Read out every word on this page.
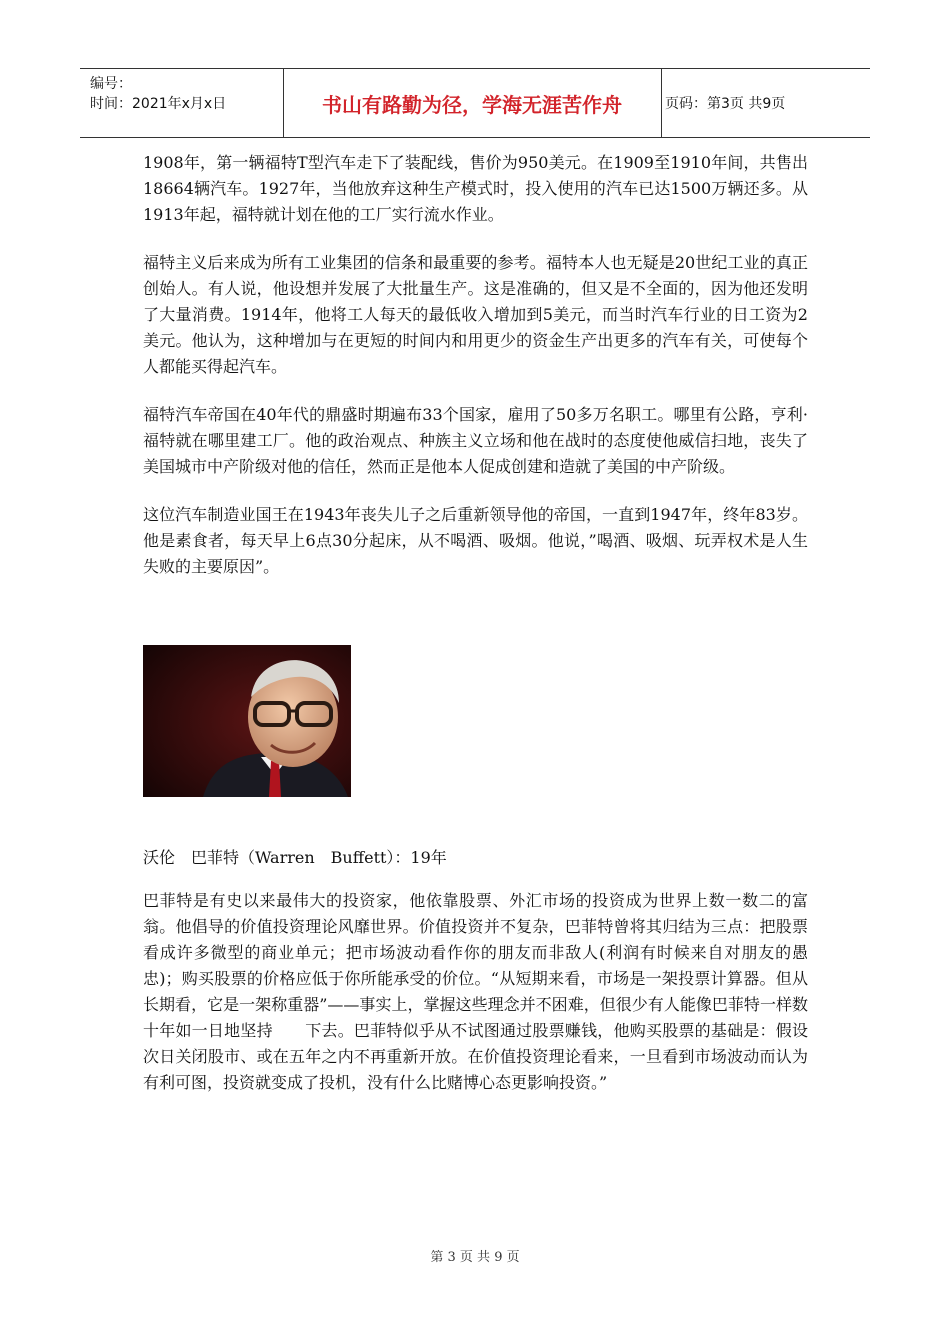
编号：
时间：2021年x月x日	书山有路勤为径，学海无涯苦作舟	页码：第3页 共9页

1908年，第一辆福特T型汽车走下了装配线，售价为950美元。在1909至1910年间，共售出18664辆汽车。1927年，当他放弃这种生产模式时，投入使用的汽车已达1500万辆还多。从1913年起，福特就计划在他的工厂实行流水作业。

福特主义后来成为所有工业集团的信条和最重要的参考。福特本人也无疑是20世纪工业的真正创始人。有人说，他设想并发展了大批量生产。这是准确的，但又是不全面的，因为他还发明了大量消费。1914年，他将工人每天的最低收入增加到5美元，而当时汽车行业的日工资为2美元。他认为，这种增加与在更短的时间内和用更少的资金生产出更多的汽车有关，可使每个人都能买得起汽车。

福特汽车帝国在40年代的鼎盛时期遍布33个国家，雇用了50多万名职工。哪里有公路，亨利·福特就在哪里建工厂。他的政治观点、种族主义立场和他在战时的态度使他威信扫地，丧失了美国城市中产阶级对他的信任，然而正是他本人促成创建和造就了美国的中产阶级。

这位汽车制造业国王在1943年丧失儿子之后重新领导他的帝国，一直到1947年，终年83岁。他是素食者，每天早上6点30分起床，从不喝酒、吸烟。他说，”喝酒、吸烟、玩弄权术是人生失败的主要原因”。

沃伦　巴菲特（Warren　Buffett）：19年

巴菲特是有史以来最伟大的投资家，他依靠股票、外汇市场的投资成为世界上数一数二的富翁。他倡导的价值投资理论风靡世界。价值投资并不复杂，巴菲特曾将其归结为三点：把股票看成许多微型的商业单元；把市场波动看作你的朋友而非敌人(利润有时候来自对朋友的愚忠)；购买股票的价格应低于你所能承受的价位。“从短期来看，市场是一架投票计算器。但从长期看，它是一架称重器”——事实上，掌握这些理念并不困难，但很少有人能像巴菲特一样数十年如一日地坚持　　下去。巴菲特似乎从不试图通过股票赚钱，他购买股票的基础是：假设次日关闭股市、或在五年之内不再重新开放。在价值投资理论看来，一旦看到市场波动而认为　　有利可图，投资就变成了投机，没有什么比赌博心态更影响投资。”

第 3 页 共 9 页
